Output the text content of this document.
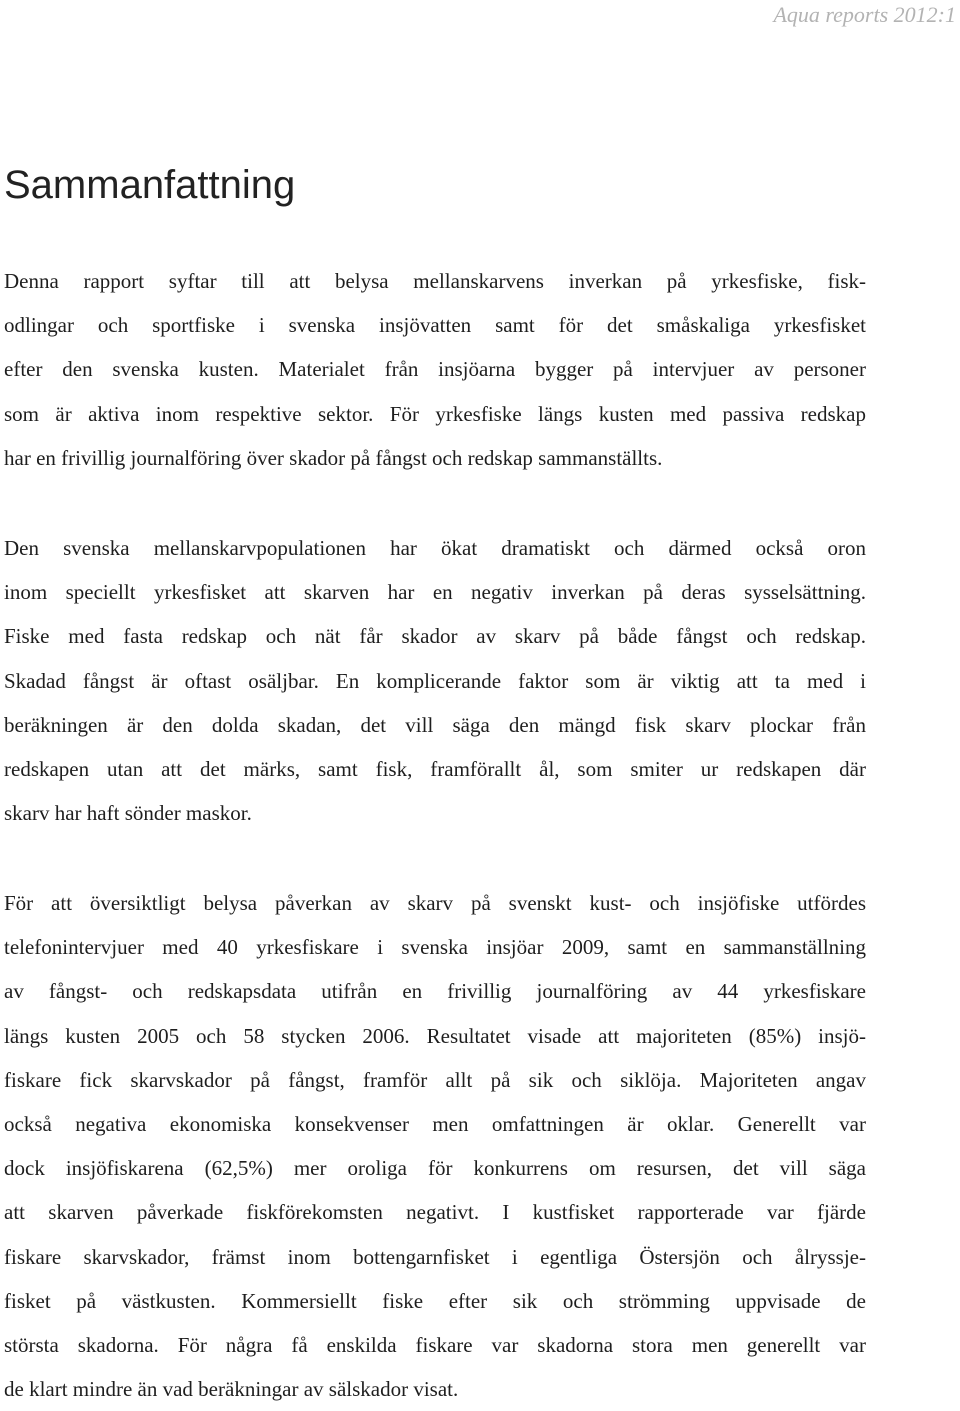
Aqua reports 2012:1
Sammanfattning
Denna rapport syftar till att belysa mellanskarvens inverkan på yrkesfiske, fisk-
odlingar och sportfiske i svenska insjövatten samt för det småskaliga yrkesfisket
efter den svenska kusten. Materialet från insjöarna bygger på intervjuer av personer
som är aktiva inom respektive sektor. För yrkesfiske längs kusten med passiva redskap
har en frivillig journalföring över skador på fångst och redskap sammanställts.
Den svenska mellanskarvpopulationen har ökat dramatiskt och därmed också oron
inom speciellt yrkesfisket att skarven har en negativ inverkan på deras sysselsättning.
Fiske med fasta redskap och nät får skador av skarv på både fångst och redskap.
Skadad fångst är oftast osäljbar. En komplicerande faktor som är viktig att ta med i
beräkningen är den dolda skadan, det vill säga den mängd fisk skarv plockar från
redskapen utan att det märks, samt fisk, framförallt ål, som smiter ur redskapen där
skarv har haft sönder maskor.
För att översiktligt belysa påverkan av skarv på svenskt kust- och insjöfiske utfördes
telefonintervjuer med 40 yrkesfiskare i svenska insjöar 2009, samt en sammanställning
av fångst- och redskapsdata utifrån en frivillig journalföring av 44 yrkesfiskare
längs kusten 2005 och 58 stycken 2006. Resultatet visade att majoriteten (85%) insjö-
fiskare fick skarvskador på fångst, framför allt på sik och siklöja. Majoriteten angav
också negativa ekonomiska konsekvenser men omfattningen är oklar. Generellt var
dock insjöfiskarena (62,5%) mer oroliga för konkurrens om resursen, det vill säga
att skarven påverkade fiskförekomsten negativt. I kustfisket rapporterade var fjärde
fiskare skarvskador, främst inom bottengarnfisket i egentliga Östersjön och ålryssje-
fisket på västkusten. Kommersiellt fiske efter sik och strömming uppvisade de
största skadorna. För några få enskilda fiskare var skadorna stora men generellt var
de klart mindre än vad beräkningar av sälskador visat.
